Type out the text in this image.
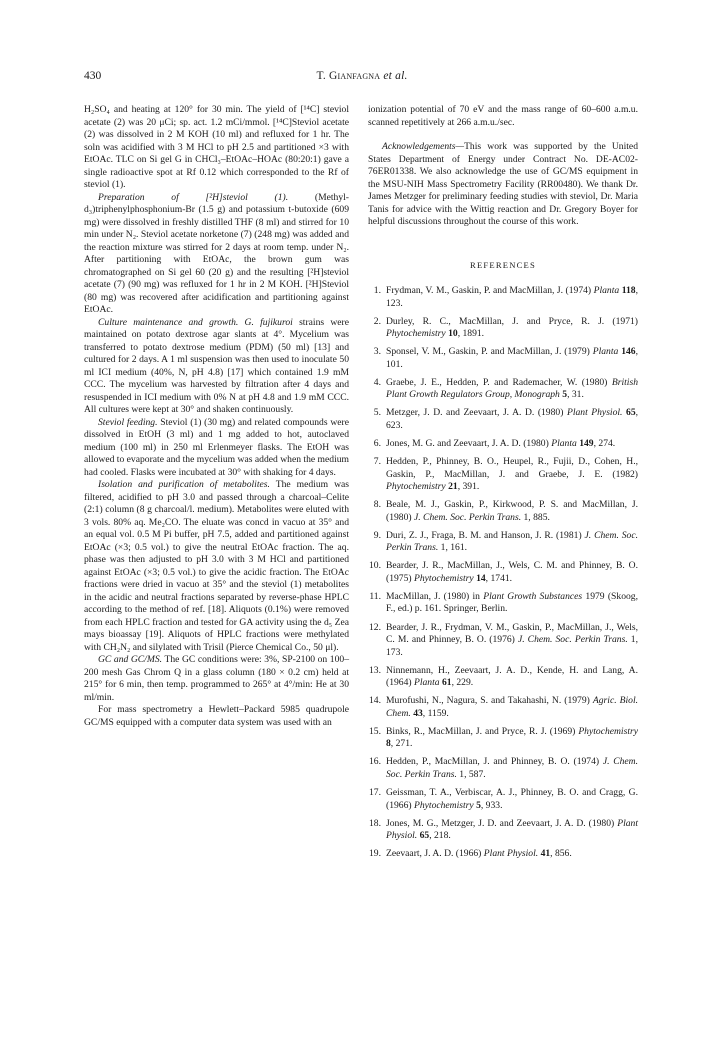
430	T. Gianfagna et al.

H₂SO₄ and heating at 120° for 30 min. The yield of [¹⁴C] steviol acetate (2) was 20 μCi; sp. act. 1.2 mCi/mmol. [¹⁴C]Steviol acetate (2) was dissolved in 2 M KOH (10 ml) and refluxed for 1 hr. The soln was acidified with 3 M HCl to pH 2.5 and partitioned ×3 with EtOAc. TLC on Si gel G in CHCl₃–EtOAc–HOAc (80:20:1) gave a single radioactive spot at Rf 0.12 which corresponded to the Rf of steviol (1).

Preparation of [²H]steviol (1).	(Methyl-d₃)triphenylphosphonium-Br (1.5 g) and potassium t-butoxide (609 mg) were dissolved in freshly distilled THF (8 ml) and stirred for 10 min under N₂. Steviol acetate norketone (7) (248 mg) was added and the reaction mixture was stirred for 2 days at room temp. under N₂. After partitioning with EtOAc, the brown gum was chromatographed on Si gel 60 (20 g) and the resulting [²H]steviol acetate (7) (90 mg) was refluxed for 1 hr in 2 M KOH. [²H]Steviol (80 mg) was recovered after acidification and partitioning against EtOAc.

Culture maintenance and growth. G. fujikuroi strains were maintained on potato dextrose agar slants at 4°. Mycelium was transferred to potato dextrose medium (PDM) (50 ml) [13] and cultured for 2 days. A 1 ml suspension was then used to inoculate 50 ml ICI medium (40%, N, pH 4.8) [17] which contained 1.9 mM CCC. The mycelium was harvested by filtration after 4 days and resuspended in ICI medium with 0% N at pH 4.8 and 1.9 mM CCC. All cultures were kept at 30° and shaken continuously.

Steviol feeding. Steviol (1) (30 mg) and related compounds were dissolved in EtOH (3 ml) and 1 mg added to hot, autoclaved medium (100 ml) in 250 ml Erlenmeyer flasks. The EtOH was allowed to evaporate and the mycelium was added when the medium had cooled. Flasks were incubated at 30° with shaking for 4 days.

Isolation and purification of metabolites. The medium was filtered, acidified to pH 3.0 and passed through a charcoal–Celite (2:1) column (8 g charcoal/l. medium). Metabolites were eluted with 3 vols. 80% aq. Me₂CO. The eluate was concd in vacuo at 35° and an equal vol. 0.5 M Pi buffer, pH 7.5, added and partitioned against EtOAc (×3; 0.5 vol.) to give the neutral EtOAc fraction. The aq. phase was then adjusted to pH 3.0 with 3 M HCl and partitioned against EtOAc (×3; 0.5 vol.) to give the acidic fraction. The EtOAc fractions were dried in vacuo at 35° and the steviol (1) metabolites in the acidic and neutral fractions separated by reverse-phase HPLC according to the method of ref. [18]. Aliquots (0.1%) were removed from each HPLC fraction and tested for GA activity using the d₅ Zea mays bioassay [19]. Aliquots of HPLC fractions were methylated with CH₂N₂ and silylated with Trisil (Pierce Chemical Co., 50 μl).

GC and GC/MS. The GC conditions were: 3%, SP-2100 on 100–200 mesh Gas Chrom Q in a glass column (180 × 0.2 cm) held at 215° for 6 min, then temp. programmed to 265° at 4°/min: He at 30 ml/min.

For mass spectrometry a Hewlett–Packard 5985 quadrupole GC/MS equipped with a computer data system was used with an

ionization potential of 70 eV and the mass range of 60–600 a.m.u. scanned repetitively at 266 a.m.u./sec.

Acknowledgements—This work was supported by the United States Department of Energy under Contract No. DE-AC02-76ER01338. We also acknowledge the use of GC/MS equipment in the MSU-NIH Mass Spectrometry Facility (RR00480). We thank Dr. James Metzger for preliminary feeding studies with steviol, Dr. Maria Tanis for advice with the Wittig reaction and Dr. Gregory Boyer for helpful discussions throughout the course of this work.

REFERENCES
1. Frydman, V. M., Gaskin, P. and MacMillan, J. (1974) Planta 118, 123.
2. Durley, R. C., MacMillan, J. and Pryce, R. J. (1971) Phytochemistry 10, 1891.
3. Sponsel, V. M., Gaskin, P. and MacMillan, J. (1979) Planta 146, 101.
4. Graebe, J. E., Hedden, P. and Rademacher, W. (1980) British Plant Growth Regulators Group, Monograph 5, 31.
5. Metzger, J. D. and Zeevaart, J. A. D. (1980) Plant Physiol. 65, 623.
6. Jones, M. G. and Zeevaart, J. A. D. (1980) Planta 149, 274.
7. Hedden, P., Phinney, B. O., Heupel, R., Fujii, D., Cohen, H., Gaskin, P., MacMillan, J. and Graebe, J. E. (1982) Phytochemistry 21, 391.
8. Beale, M. J., Gaskin, P., Kirkwood, P. S. and MacMillan, J. (1980) J. Chem. Soc. Perkin Trans. 1, 885.
9. Duri, Z. J., Fraga, B. M. and Hanson, J. R. (1981) J. Chem. Soc. Perkin Trans. 1, 161.
10. Bearder, J. R., MacMillan, J., Wels, C. M. and Phinney, B. O. (1975) Phytochemistry 14, 1741.
11. MacMillan, J. (1980) in Plant Growth Substances 1979 (Skoog, F., ed.) p. 161. Springer, Berlin.
12. Bearder, J. R., Frydman, V. M., Gaskin, P., MacMillan, J., Wels, C. M. and Phinney, B. O. (1976) J. Chem. Soc. Perkin Trans. 1, 173.
13. Ninnemann, H., Zeevaart, J. A. D., Kende, H. and Lang, A. (1964) Planta 61, 229.
14. Murofushi, N., Nagura, S. and Takahashi, N. (1979) Agric. Biol. Chem. 43, 1159.
15. Binks, R., MacMillan, J. and Pryce, R. J. (1969) Phytochemistry 8, 271.
16. Hedden, P., MacMillan, J. and Phinney, B. O. (1974) J. Chem. Soc. Perkin Trans. 1, 587.
17. Geissman, T. A., Verbiscar, A. J., Phinney, B. O. and Cragg, G. (1966) Phytochemistry 5, 933.
18. Jones, M. G., Metzger, J. D. and Zeevaart, J. A. D. (1980) Plant Physiol. 65, 218.
19. Zeevaart, J. A. D. (1966) Plant Physiol. 41, 856.
